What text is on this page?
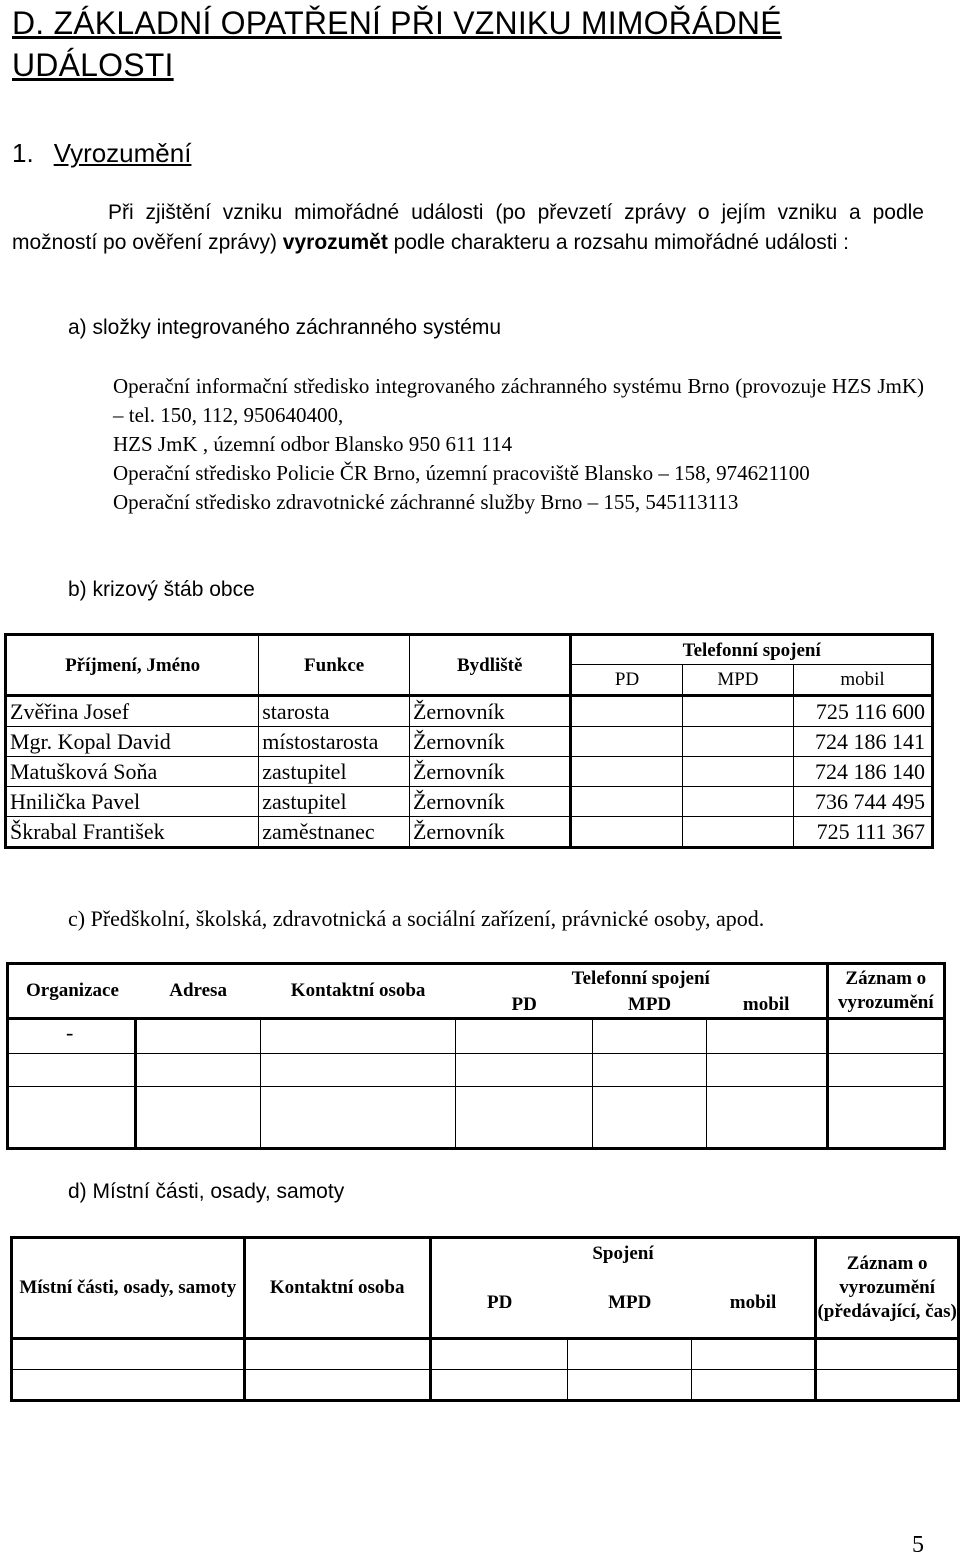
D. ZÁKLADNÍ OPATŘENÍ PŘI VZNIKU MIMOŘÁDNÉ UDÁLOSTI
1. Vyrozumění
Při zjištění vzniku mimořádné události (po převzetí zprávy o jejím vzniku a podle možností po ověření zprávy) vyrozumět podle charakteru a rozsahu mimořádné události :
a) složky integrovaného záchranného systému
Operační informační středisko integrovaného záchranného systému Brno (provozuje HZS JmK) – tel. 150, 112, 950640400,
HZS JmK , územní odbor Blansko 950 611 114
Operační středisko Policie ČR Brno, územní pracoviště Blansko – 158, 974621100
Operační středisko zdravotnické záchranné služby Brno – 155, 545113113
b) krizový štáb obce
Příjmení, Jméno	Funkce	Bydliště	Telefonní spojení		
			PD	MPD	mobil
Zvěřina Josef	starosta	Žernovník			725 116 600
Mgr. Kopal David	místostarosta	Žernovník			724 186 141
Matušková Soňa	zastupitel	Žernovník			724 186 140
Hnilička Pavel	zastupitel	Žernovník			736 744 495
Škrabal František	zaměstnanec	Žernovník			725 111 367
c) Předškolní, školská, zdravotnická a sociální zařízení, právnické osoby, apod.
Organizace	Adresa	Kontaktní osoba	Telefonní spojení			Záznam o vyrozumění
			PD	MPD	mobil	
-						

d) Místní části, osady, samoty
Místní části, osady, samoty	Kontaktní osoba	Spojení			Záznam o vyrozumění (předávající, čas)
		PD	MPD	mobil	

5
